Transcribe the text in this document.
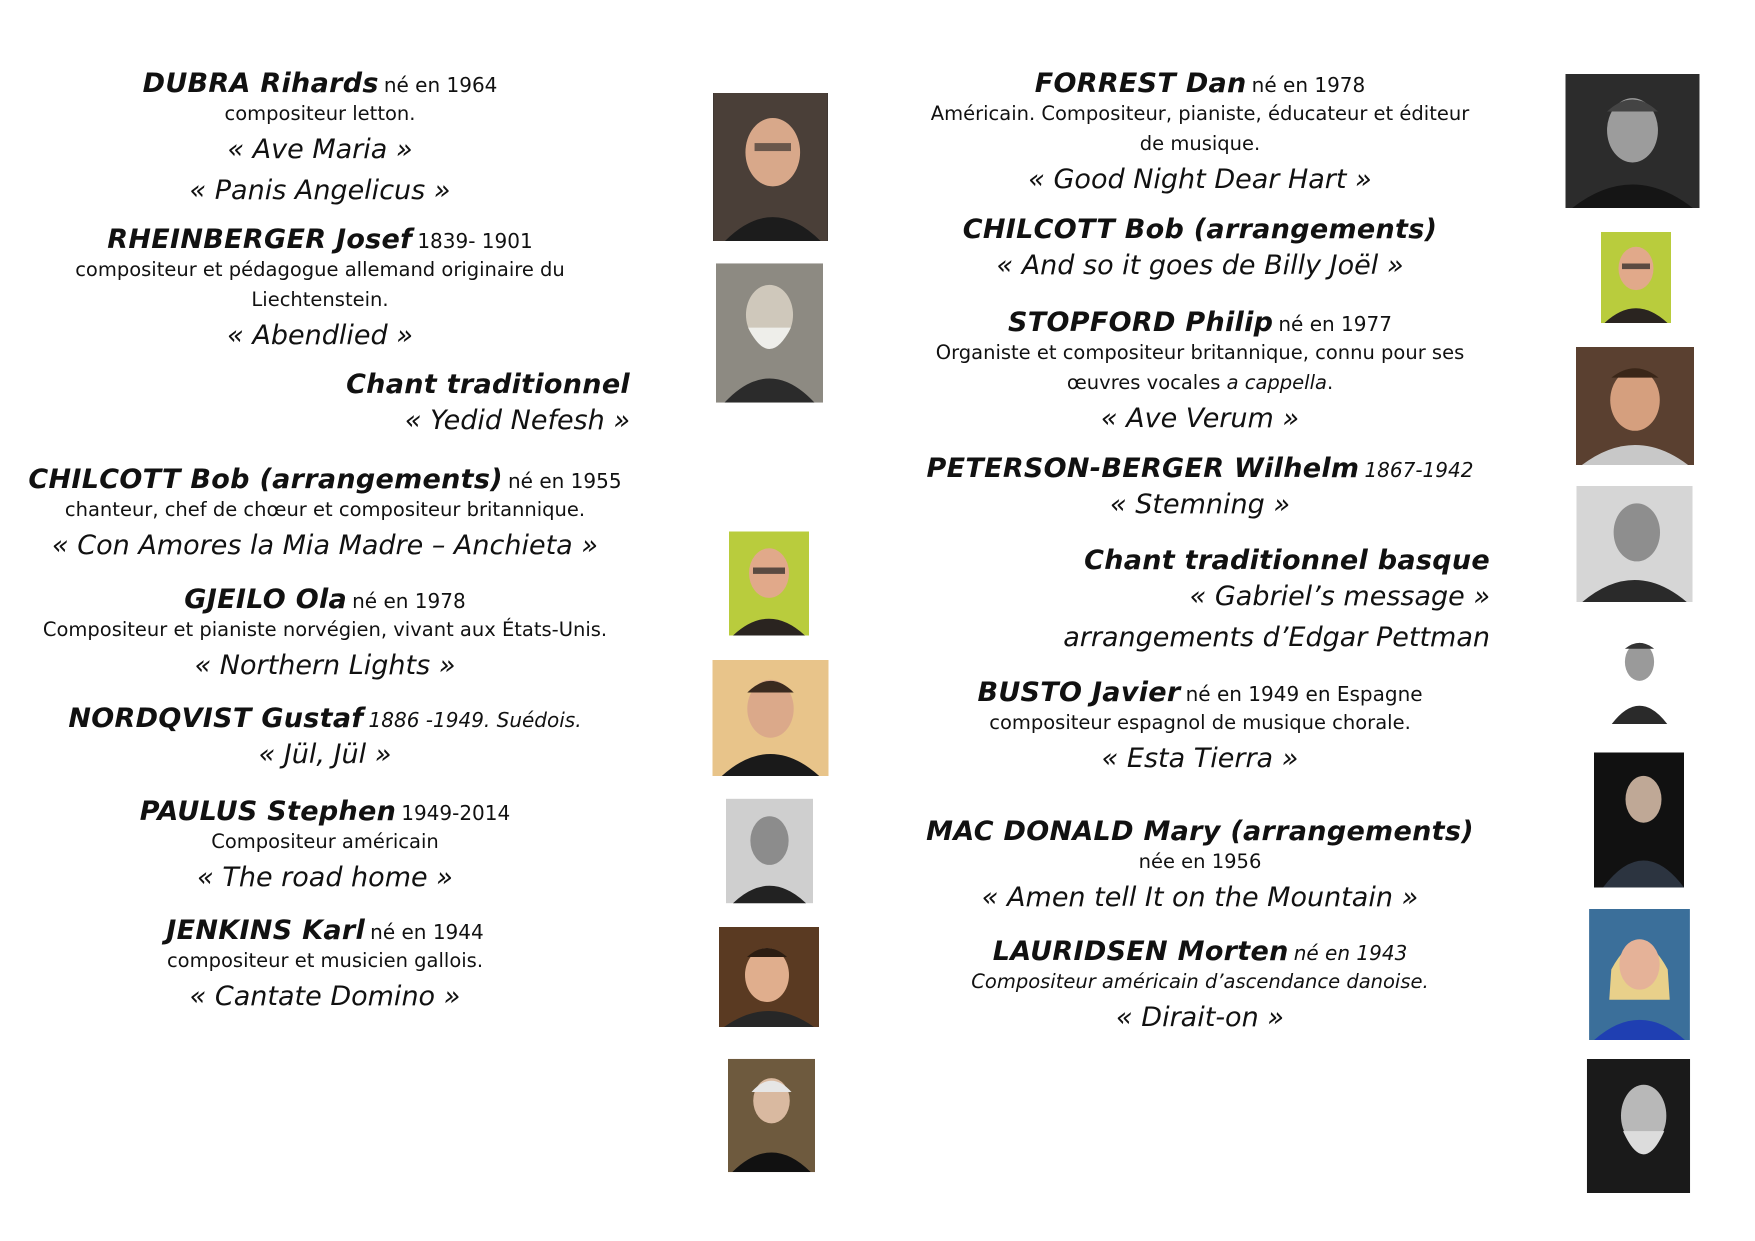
DUBRA Rihards né en 1964
compositeur letton.
« Ave Maria »
« Panis Angelicus »
RHEINBERGER Josef 1839- 1901
compositeur et pédagogue allemand originaire du Liechtenstein.
« Abendlied »
Chant traditionnel
« Yedid Nefesh »
CHILCOTT Bob (arrangements) né en 1955
chanteur, chef de chœur et compositeur britannique.
« Con Amores la Mia Madre – Anchieta »
GJEILO Ola né en 1978
Compositeur et pianiste norvégien, vivant aux États-Unis.
« Northern Lights »
NORDQVIST Gustaf 1886 -1949. Suédois.
« Jül, Jül »
PAULUS Stephen 1949-2014
Compositeur américain
« The road home »
JENKINS Karl né en 1944
compositeur et musicien gallois.
« Cantate Domino »
FORREST Dan né en 1978
Américain. Compositeur, pianiste, éducateur et éditeur de musique.
« Good Night Dear Hart »
CHILCOTT Bob (arrangements)
« And so it goes de Billy Joël »
STOPFORD Philip né en 1977
Organiste et compositeur britannique, connu pour ses
œuvres vocales a cappella.
« Ave Verum »
PETERSON-BERGER Wilhelm 1867-1942
« Stemning »
Chant traditionnel basque
« Gabriel’s message »
arrangements d’Edgar Pettman
BUSTO Javier né en 1949 en Espagne
compositeur espagnol de musique chorale.
« Esta Tierra »
MAC DONALD Mary (arrangements)
née en 1956
« Amen tell It on the Mountain »
LAURIDSEN Morten né en 1943
Compositeur américain d’ascendance danoise.
« Dirait-on »
